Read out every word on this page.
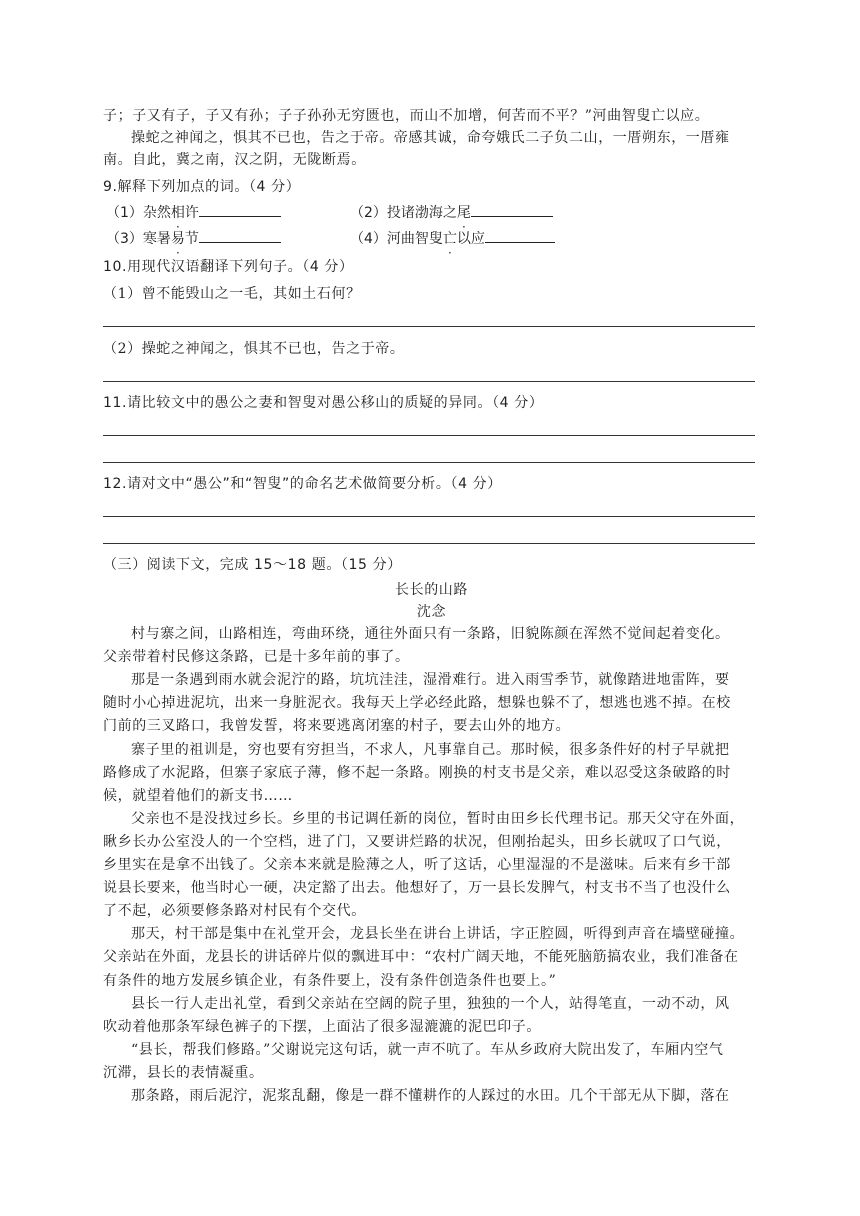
子；子又有子，子又有孙；子子孙孙无穷匮也，而山不加增，何苦而不平？”河曲智叟亡以应。
操蛇之神闻之，惧其不已也，告之于帝。帝感其诚，命夸娥氏二子负二山，一厝朔东，一厝雍
南。自此，冀之南，汉之阴，无陇断焉。
9.解释下列加点的词。（4 分）
（1）杂然相许	（2）投诸渤海之尾
（3）寒暑易节	（4）河曲智叟亡以应
10.用现代汉语翻译下列句子。（4 分）
（1）曾不能毁山之一毛，其如土石何？
（2）操蛇之神闻之，惧其不已也，告之于帝。
11.请比较文中的愚公之妻和智叟对愚公移山的质疑的异同。（4 分）
12.请对文中“愚公”和“智叟”的命名艺术做简要分析。（4 分）
（三）阅读下文，完成 15～18 题。（15 分）
长长的山路
沈念
村与寨之间，山路相连，弯曲环绕，通往外面只有一条路，旧貌陈颜在浑然不觉间起着变化。
父亲带着村民修这条路，已是十多年前的事了。
那是一条遇到雨水就会泥泞的路，坑坑洼洼，湿滑难行。进入雨雪季节，就像踏进地雷阵，要
随时小心掉进泥坑，出来一身脏泥衣。我每天上学必经此路，想躲也躲不了，想逃也逃不掉。在校
门前的三叉路口，我曾发誓，将来要逃离闭塞的村子，要去山外的地方。
寨子里的祖训是，穷也要有穷担当，不求人，凡事靠自己。那时候，很多条件好的村子早就把
路修成了水泥路，但寨子家底子薄，修不起一条路。刚换的村支书是父亲，难以忍受这条破路的时
候，就望着他们的新支书……
父亲也不是没找过乡长。乡里的书记调任新的岗位，暂时由田乡长代理书记。那天父守在外面，
瞅乡长办公室没人的一个空档，进了门，又要讲烂路的状况，但刚抬起头，田乡长就叹了口气说，
乡里实在是拿不出钱了。父亲本来就是脸薄之人，听了这话，心里湿湿的不是滋味。后来有乡干部
说县长要来，他当时心一硬，决定豁了出去。他想好了，万一县长发脾气，村支书不当了也没什么
了不起，必须要修条路对村民有个交代。
那天，村干部是集中在礼堂开会，龙县长坐在讲台上讲话，字正腔圆，听得到声音在墙壁碰撞。
父亲站在外面，龙县长的讲话碎片似的飘进耳中：“农村广阔天地，不能死脑筋搞农业，我们准备在
有条件的地方发展乡镇企业，有条件要上，没有条件创造条件也要上。”
县长一行人走出礼堂，看到父亲站在空阔的院子里，独独的一个人，站得笔直，一动不动，风
吹动着他那条军绿色裤子的下摆，上面沾了很多湿漉漉的泥巴印子。
“县长，帮我们修路。”父谢说完这句话，就一声不吭了。车从乡政府大院出发了，车厢内空气
沉滞，县长的表情凝重。
那条路，雨后泥泞，泥浆乱翻，像是一群不懂耕作的人踩过的水田。几个干部无从下脚，落在
